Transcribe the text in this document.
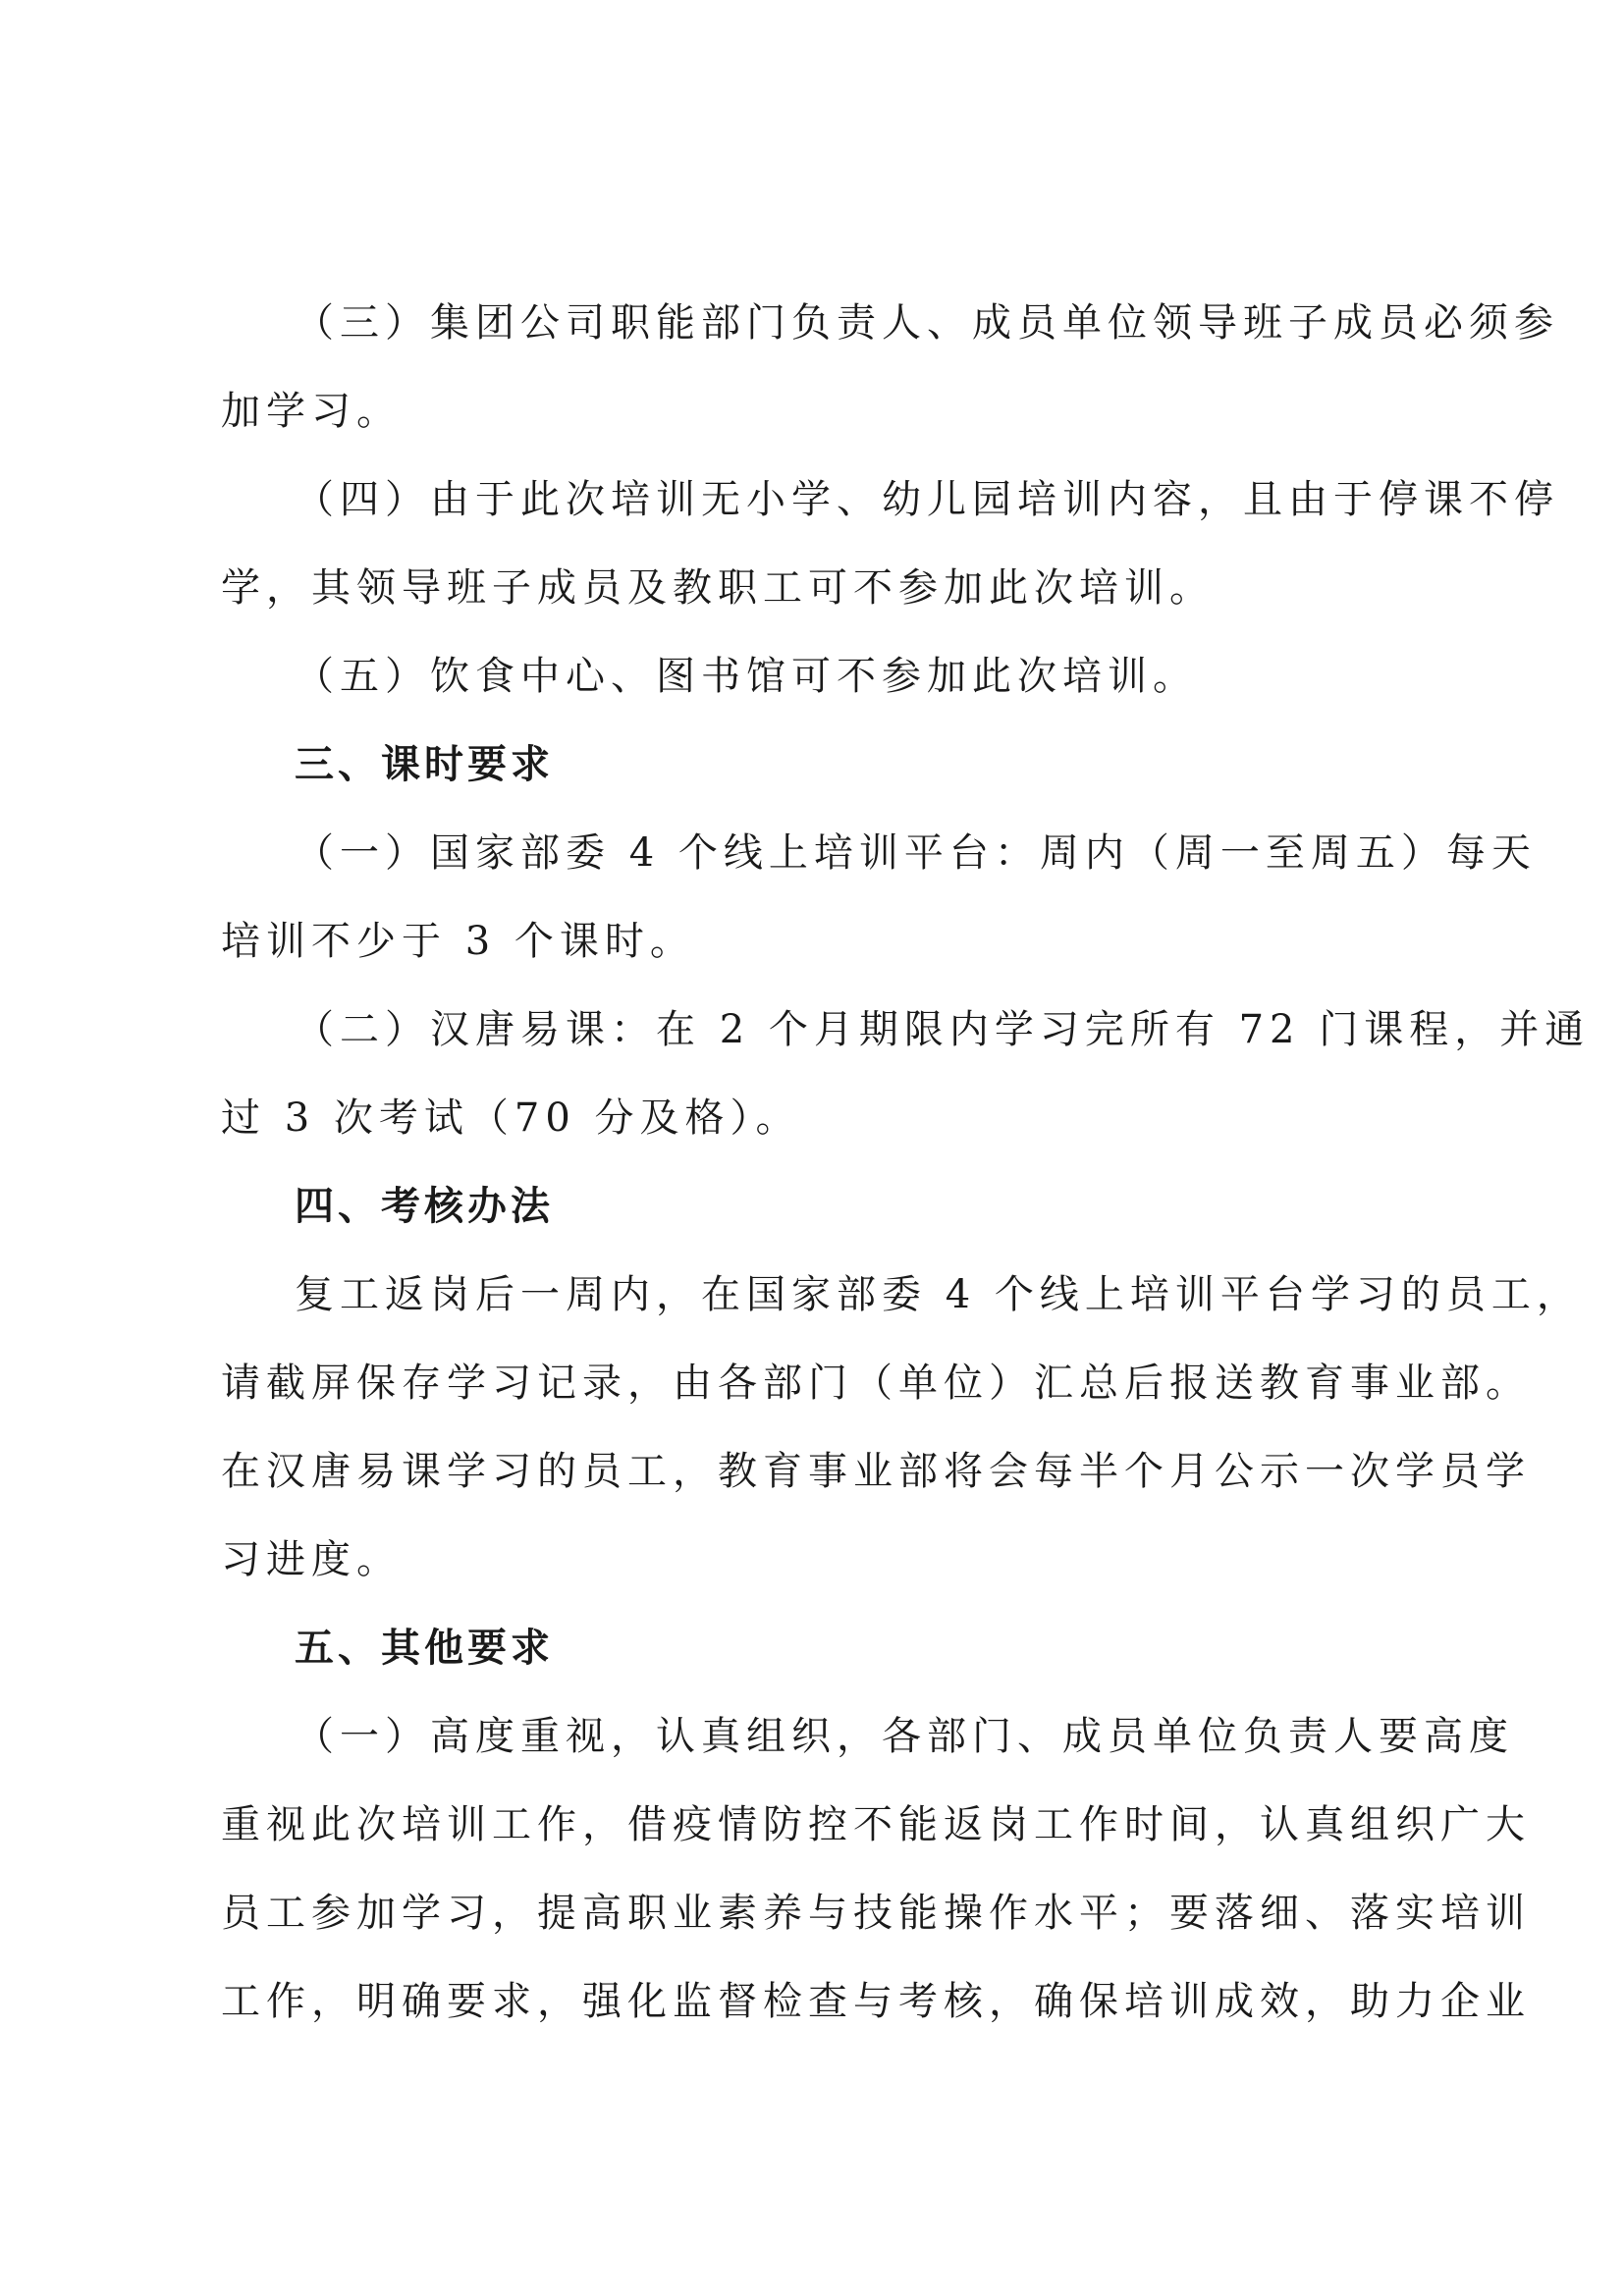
（三）集团公司职能部门负责人、成员单位领导班子成员必须参
加学习。
（四）由于此次培训无小学、幼儿园培训内容，且由于停课不停
学，其领导班子成员及教职工可不参加此次培训。
（五）饮食中心、图书馆可不参加此次培训。
三、课时要求
（一）国家部委 4 个线上培训平台：周内（周一至周五）每天
培训不少于 3 个课时。
（二）汉唐易课：在 2 个月期限内学习完所有 72 门课程，并通
过 3 次考试（70 分及格）。
四、考核办法
复工返岗后一周内，在国家部委 4 个线上培训平台学习的员工，
请截屏保存学习记录，由各部门（单位）汇总后报送教育事业部。
在汉唐易课学习的员工，教育事业部将会每半个月公示一次学员学
习进度。
五、其他要求
（一）高度重视，认真组织，各部门、成员单位负责人要高度
重视此次培训工作，借疫情防控不能返岗工作时间，认真组织广大
员工参加学习，提高职业素养与技能操作水平；要落细、落实培训
工作，明确要求，强化监督检查与考核，确保培训成效，助力企业
